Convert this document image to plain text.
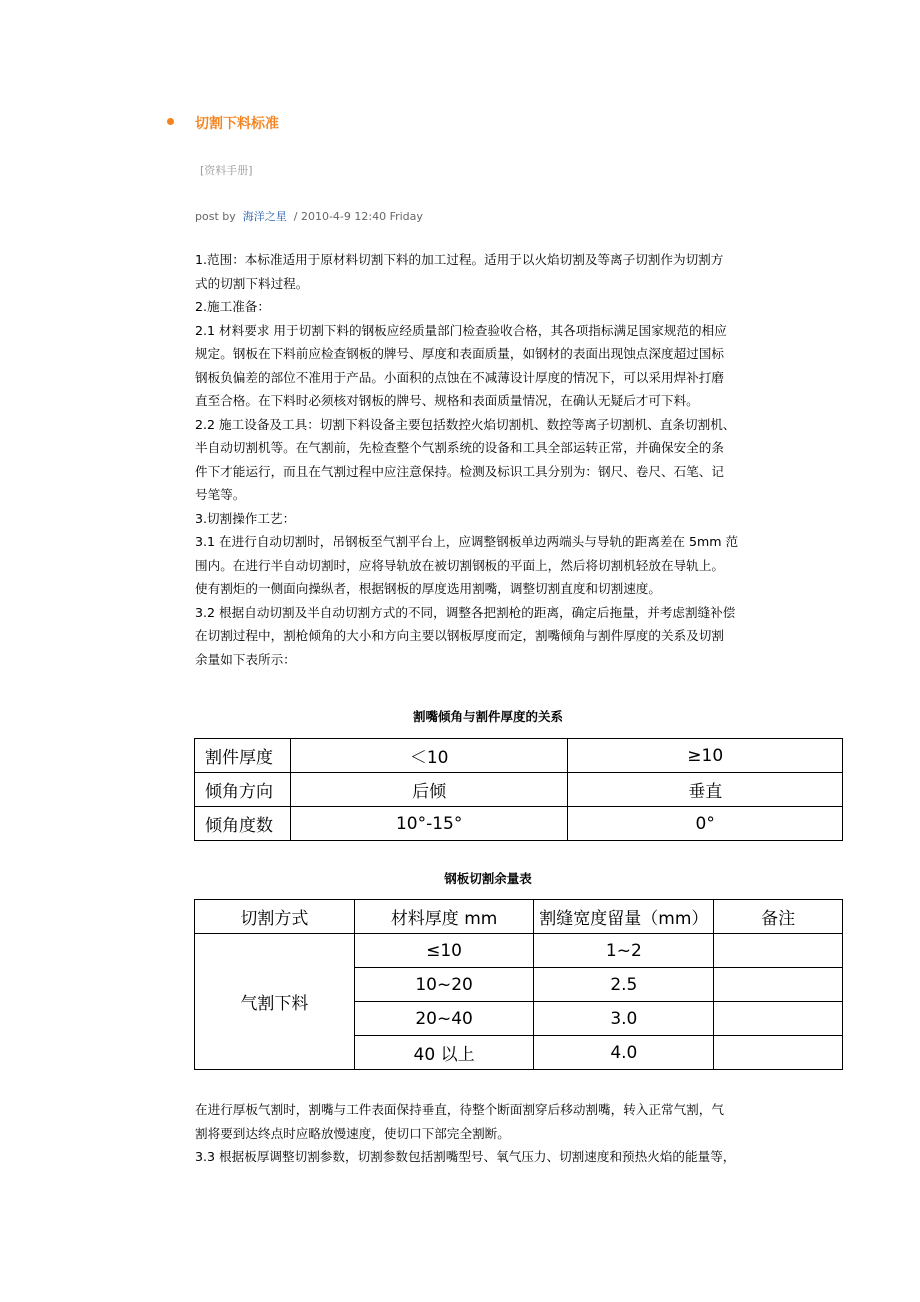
切割下料标准
[资料手册]
post by 海洋之星 / 2010-4-9 12:40 Friday

1.范围：本标准适用于原材料切割下料的加工过程。适用于以火焰切割及等离子切割作为切割方

式的切割下料过程。

2.施工准备：

2.1 材料要求 用于切割下料的钢板应经质量部门检查验收合格，其各项指标满足国家规范的相应

规定。钢板在下料前应检查钢板的牌号、厚度和表面质量，如钢材的表面出现蚀点深度超过国标

钢板负偏差的部位不准用于产品。小面积的点蚀在不减薄设计厚度的情况下，可以采用焊补打磨

直至合格。在下料时必须核对钢板的牌号、规格和表面质量情况，在确认无疑后才可下料。

2.2 施工设备及工具：切割下料设备主要包括数控火焰切割机、数控等离子切割机、直条切割机、

半自动切割机等。在气割前，先检查整个气割系统的设备和工具全部运转正常，并确保安全的条

件下才能运行，而且在气割过程中应注意保持。检测及标识工具分别为：钢尺、卷尺、石笔、记

号笔等。

3.切割操作工艺：

3.1 在进行自动切割时，吊钢板至气割平台上，应调整钢板单边两端头与导轨的距离差在 5mm 范

围内。在进行半自动切割时，应将导轨放在被切割钢板的平面上，然后将切割机轻放在导轨上。

使有割炬的一侧面向操纵者，根据钢板的厚度选用割嘴，调整切割直度和切割速度。

3.2 根据自动切割及半自动切割方式的不同，调整各把割枪的距离，确定后拖量，并考虑割缝补偿

在切割过程中，割枪倾角的大小和方向主要以钢板厚度而定，割嘴倾角与割件厚度的关系及切割

余量如下表所示：

割嘴倾角与割件厚度的关系
割件厚度	＜10	≥10
倾角方向	后倾	垂直
倾角度数	10°-15°	0°
钢板切割余量表
切割方式	材料厚度 mm	割缝宽度留量（mm）	备注
气割下料	≤10	1~2	
	10~20	2.5	
	20~40	3.0	
	40 以上	4.0	

在进行厚板气割时，割嘴与工件表面保持垂直，待整个断面割穿后移动割嘴，转入正常气割，气

割将要到达终点时应略放慢速度，使切口下部完全割断。

3.3 根据板厚调整切割参数，切割参数包括割嘴型号、氧气压力、切割速度和预热火焰的能量等，
